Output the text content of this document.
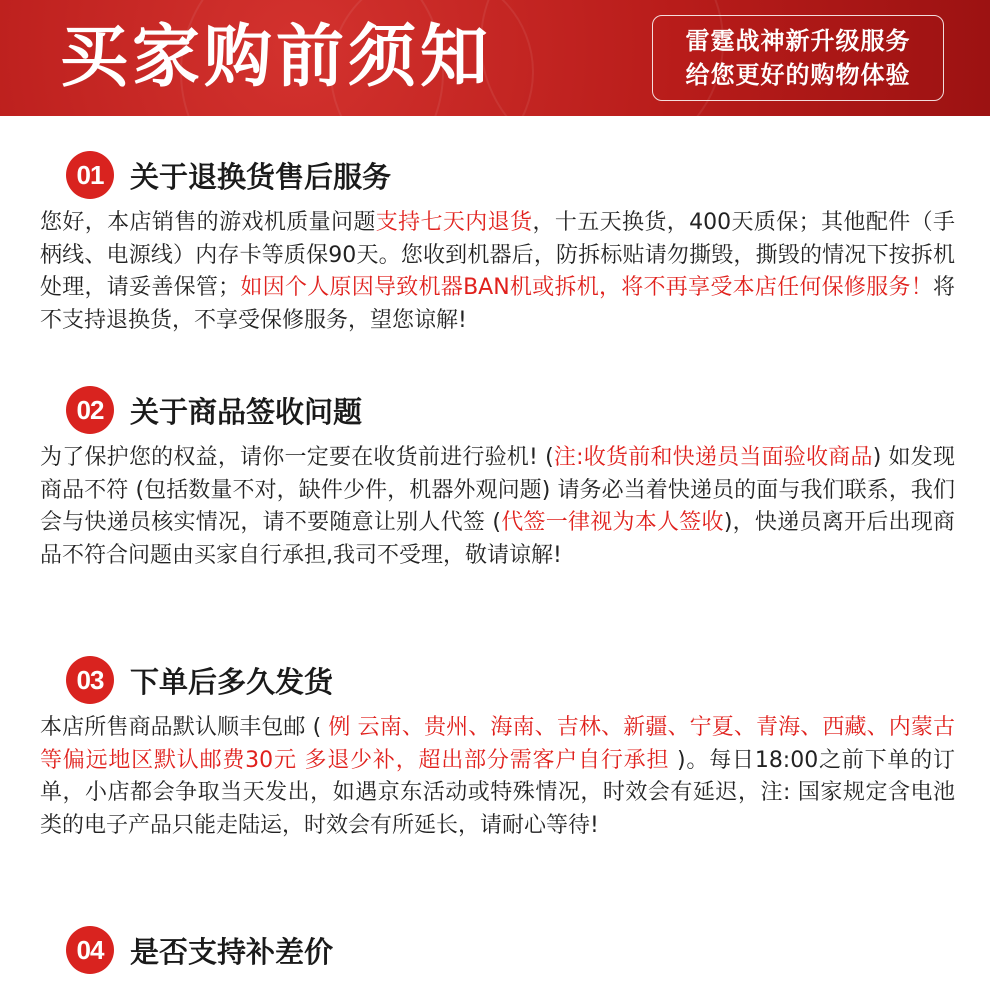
买家购前须知	雷霆战神新升级服务
给您更好的购物体验
01 关于退换货售后服务
您好，本店销售的游戏机质量问题支持七天内退货，十五天换货，400天质保；其他配件（手柄线、电源线）内存卡等质保90天。您收到机器后，防拆标贴请勿撕毁，撕毁的情况下按拆机处理，请妥善保管；如因个人原因导致机器BAN机或拆机，将不再享受本店任何保修服务！将不支持退换货，不享受保修服务，望您谅解!
02 关于商品签收问题
为了保护您的权益，请你一定要在收货前进行验机! (注:收货前和快递员当面验收商品) 如发现商品不符 (包括数量不对，缺件少件，机器外观问题) 请务必当着快递员的面与我们联系，我们会与快递员核实情况，请不要随意让别人代签 (代签一律视为本人签收)，快递员离开后出现商品不符合问题由买家自行承担,我司不受理，敬请谅解!
03 下单后多久发货
本店所售商品默认顺丰包邮 ( 例 云南、贵州、海南、吉林、新疆、宁夏、青海、西藏、内蒙古等偏远地区默认邮费30元 多退少补，超出部分需客户自行承担 )。每日18:00之前下单的订单，小店都会争取当天发出，如遇京东活动或特殊情况，时效会有延迟，注: 国家规定含电池类的电子产品只能走陆运，时效会有所延长，请耐心等待!
04 是否支持补差价
